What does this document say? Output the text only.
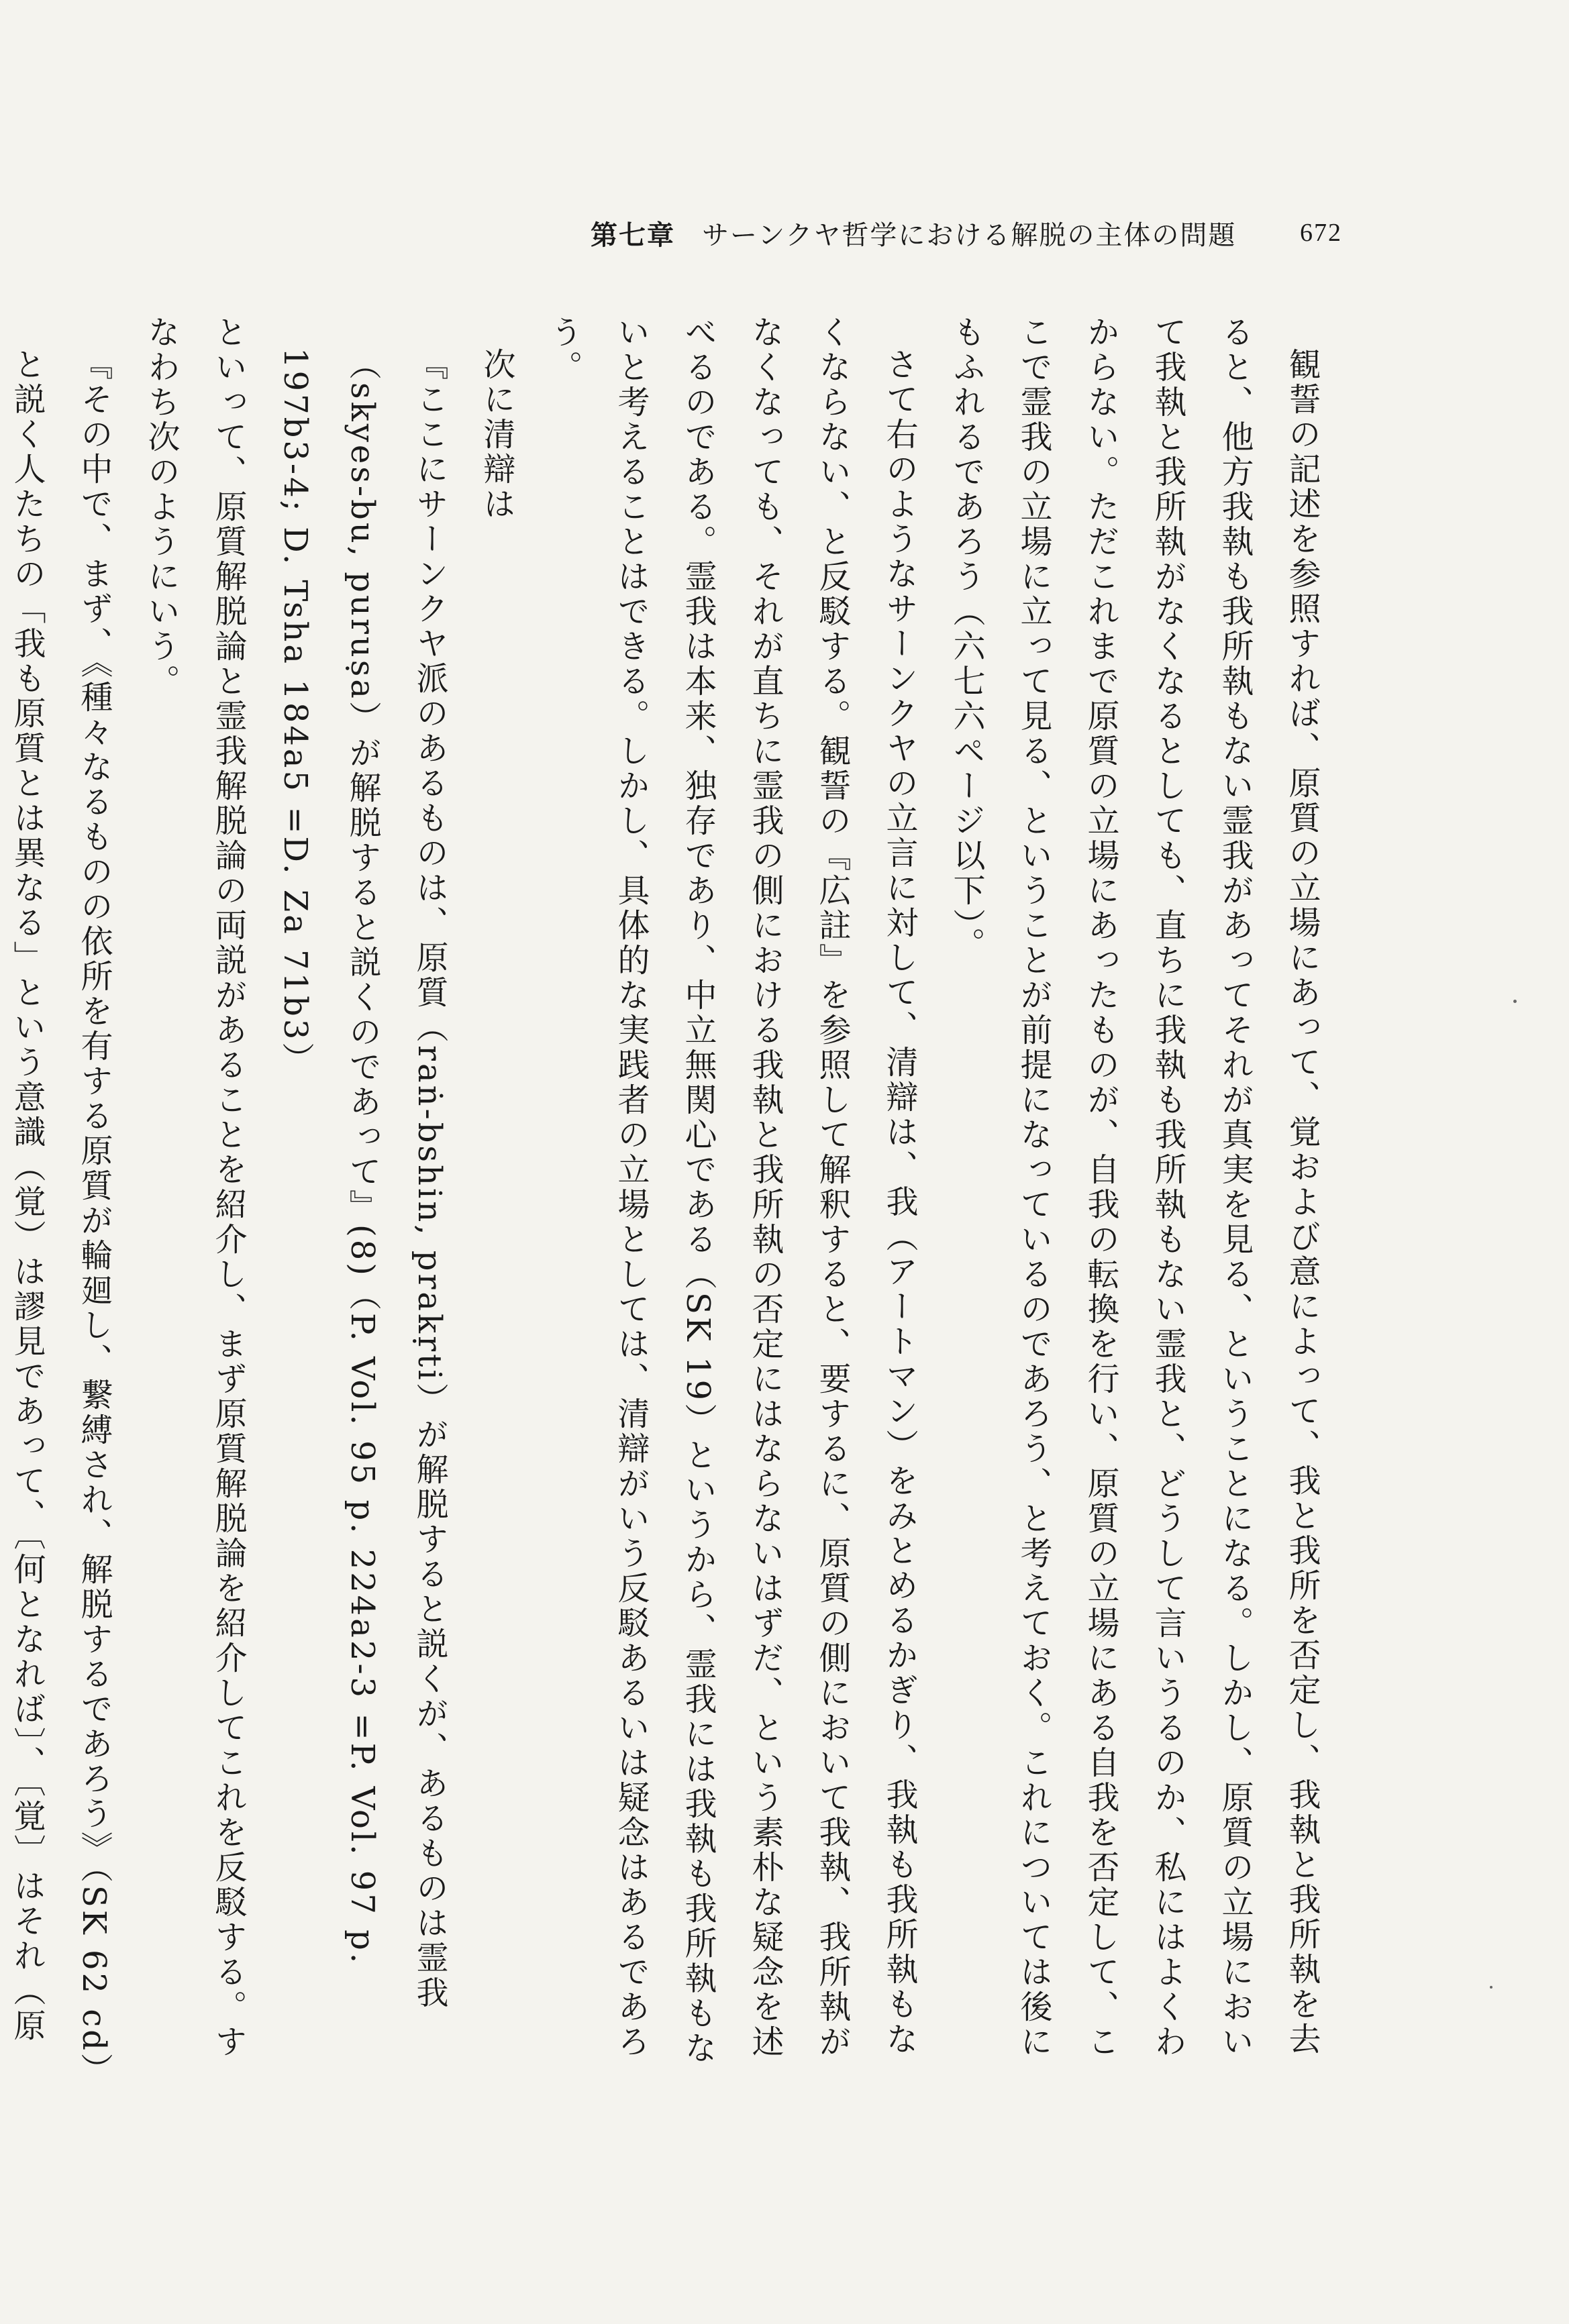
第七章 サーンクヤ哲学における解脱の主体の問題 672

観誓の記述を参照すれば、原質の立場にあって、覚および意によって、我と我所を否定し、我執と我所執を去ると、他方我執も我所執もない霊我があってそれが真実を見る、ということになる。しかし、原質の立場において我執と我所執がなくなるとしても、直ちに我執も我所執もない霊我と、どうして言いうるのか、私にはよくわからない。ただこれまで原質の立場にあったものが、自我の転換を行い、原質の立場にある自我を否定して、ここで霊我の立場に立って見る、ということが前提になっているのであろう、と考えておく。これについては後にもふれるであろう（六七六ページ以下）。

さて右のようなサーンクヤの立言に対して、清辯は、我（アートマン）をみとめるかぎり、我執も我所執もなくならない、と反駁する。観誓の『広註』を参照して解釈すると、要するに、原質の側において我執、我所執がなくなっても、それが直ちに霊我の側における我執と我所執の否定にはならないはずだ、という素朴な疑念を述べるのである。霊我は本来、独存であり、中立無関心である（SK 19）というから、霊我には我執も我所執もないと考えることはできる。しかし、具体的な実践者の立場としては、清辯がいう反駁あるいは疑念はあるであろう。

次に清辯は

『ここにサーンクヤ派のあるものは、原質（raṅ-bshin, prakṛti）が解脱すると説くが、あるものは霊我（skyes-bu, puruṣa）が解脱すると説くのであって』(8)（P. Vol. 95 p. 224a2-3 =P. Vol. 97 p. 197b3-4; D. Tsha 184a5 =D. Za 71b3）

といって、原質解脱論と霊我解脱論の両説があることを紹介し、まず原質解脱論を紹介してこれを反駁する。すなわち次のようにいう。

『その中で、まず、《種々なるものの依所を有する原質が輪廻し、繋縛され、解脱するであろう》（SK 62 cd）と説く人たちの「我も原質とは異なる」という意識（覚）は謬見であって、〔何となれば〕、〔覚〕はそれ（原
